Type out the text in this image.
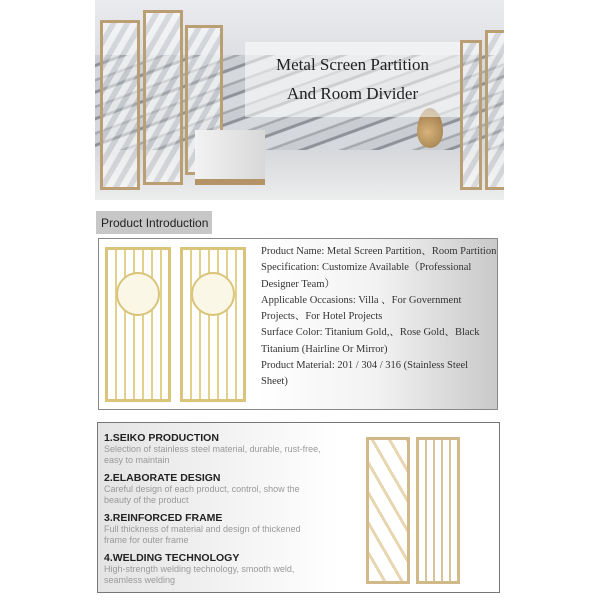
Metal Screen Partition
And Room Divider
Product Introduction
Product Name: Metal Screen Partition、Room Partition
Specification: Customize Available（Professional Designer Team）
Applicable Occasions: Villa 、For Government Projects、For Hotel Projects
Surface Color: Titanium Gold,、Rose Gold、Black Titanium (Hairline Or Mirror)
Product Material: 201 / 304 / 316 (Stainless Steel Sheet)
1.SEIKO PRODUCTION

Selection of stainless steel material, durable, rust-free, easy to maintain

2.ELABORATE DESIGN

Careful design of each product, control, show the beauty of the product

3.REINFORCED FRAME

Full thickness of material and design of thickened frame for outer frame

4.WELDING TECHNOLOGY

High-strength welding technology, smooth weld, seamless welding
